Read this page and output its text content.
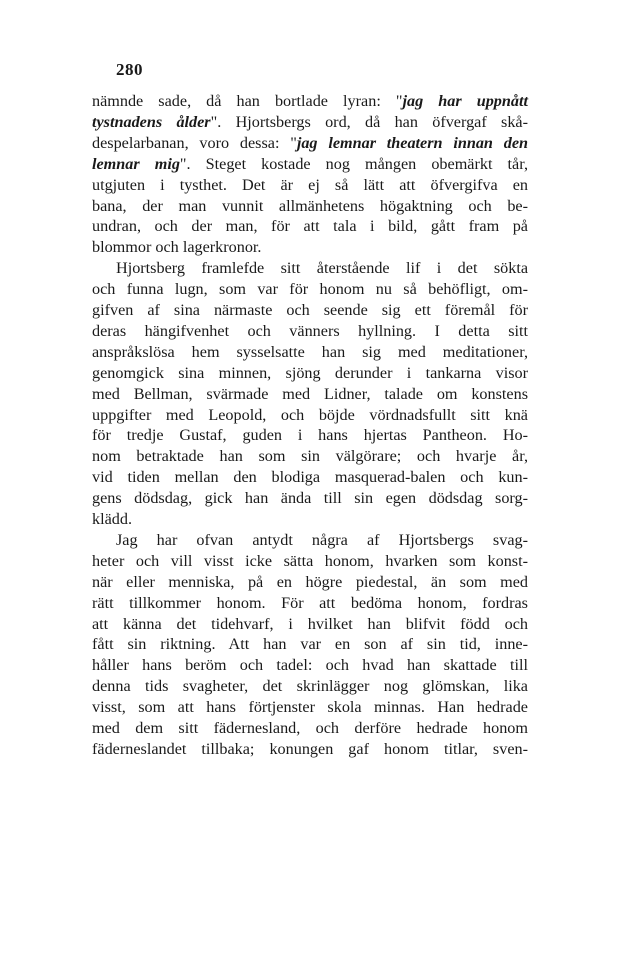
280
nämnde sade, då han bortlade lyran: "jag har uppnått
tystnadens ålder". Hjortsbergs ord, då han öfvergaf skå-
despelarbanan, voro dessa: "jag lemnar theatern innan den
lemnar mig". Steget kostade nog mången obemärkt tår,
utgjuten i tysthet. Det är ej så lätt att öfvergifva en
bana, der man vunnit allmänhetens högaktning och be-
undran, och der man, för att tala i bild, gått fram på
blommor och lagerkronor.
Hjortsberg framlefde sitt återstående lif i det sökta
och funna lugn, som var för honom nu så behöfligt, om-
gifven af sina närmaste och seende sig ett föremål för
deras hängifvenhet och vänners hyllning. I detta sitt
anspråkslösa hem sysselsatte han sig med meditationer,
genomgick sina minnen, sjöng derunder i tankarna visor
med Bellman, svärmade med Lidner, talade om konstens
uppgifter med Leopold, och böjde vördnadsfullt sitt knä
för tredje Gustaf, guden i hans hjertas Pantheon. Ho-
nom betraktade han som sin välgörare; och hvarje år,
vid tiden mellan den blodiga masquerad-balen och kun-
gens dödsdag, gick han ända till sin egen dödsdag sorg-
klädd.
Jag har ofvan antydt några af Hjortsbergs svag-
heter och vill visst icke sätta honom, hvarken som konst-
när eller menniska, på en högre piedestal, än som med
rätt tillkommer honom. För att bedöma honom, fordras
att känna det tidehvarf, i hvilket han blifvit född och
fått sin riktning. Att han var en son af sin tid, inne-
håller hans beröm och tadel: och hvad han skattade till
denna tids svagheter, det skrinlägger nog glömskan, lika
visst, som att hans förtjenster skola minnas. Han hedrade
med dem sitt fädernesland, och derföre hedrade honom
fäderneslandet tillbaka; konungen gaf honom titlar, sven-
